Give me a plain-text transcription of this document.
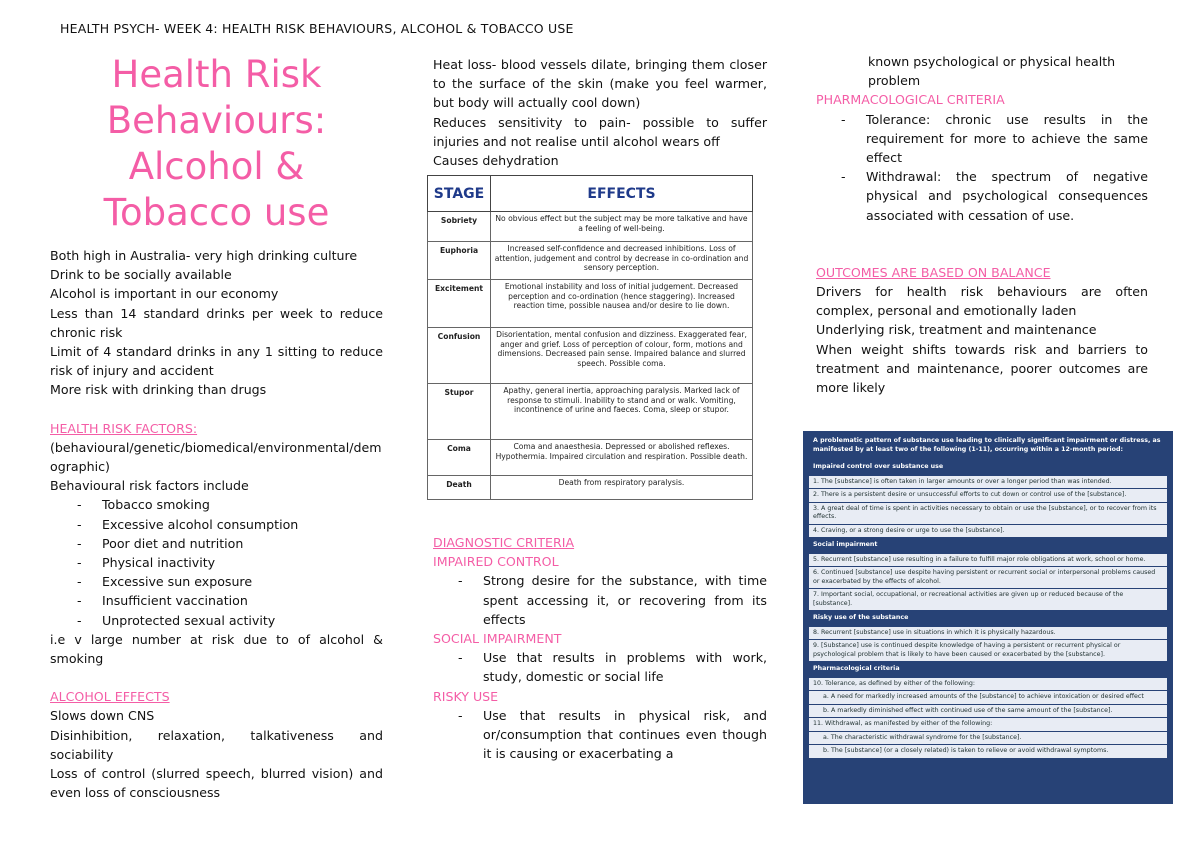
HEALTH PSYCH- WEEK 4: HEALTH RISK BEHAVIOURS, ALCOHOL & TOBACCO USE
Health Risk
Behaviours:
Alcohol &
Tobacco use

Both high in Australia- very high drinking culture

Drink to be socially available

Alcohol is important in our economy

Less than 14 standard drinks per week to reduce chronic risk

Limit of 4 standard drinks in any 1 sitting to reduce risk of injury and accident

More risk with drinking than drugs

HEALTH RISK FACTORS:

(behavioural/genetic/biomedical/environmental/demographic)

Behavioural risk factors include

- Tobacco smoking
- Excessive alcohol consumption
- Poor diet and nutrition
- Physical inactivity
- Excessive sun exposure
- Insufficient vaccination
- Unprotected sexual activity

i.e v large number at risk due to of alcohol & smoking

ALCOHOL EFFECTS

Slows down CNS

Disinhibition, relaxation, talkativeness and sociability

Loss of control (slurred speech, blurred vision) and even loss of consciousness

Heat loss- blood vessels dilate, bringing them closer to the surface of the skin (make you feel warmer, but body will actually cool down)

Reduces sensitivity to pain- possible to suffer injuries and not realise until alcohol wears off

Causes dehydration

STAGE	EFFECTS
Sobriety	No obvious effect but the subject may be more talkative and have a feeling of well-being.
Euphoria	Increased self-confidence and decreased inhibitions. Loss of attention, judgement and control by decrease in co-ordination and sensory perception.
Excitement	Emotional instability and loss of initial judgement. Decreased perception and co-ordination (hence staggering). Increased reaction time, possible nausea and/or desire to lie down.
Confusion	Disorientation, mental confusion and dizziness. Exaggerated fear, anger and grief. Loss of perception of colour, form, motions and dimensions. Decreased pain sense. Impaired balance and slurred speech. Possible coma.
Stupor	Apathy, general inertia, approaching paralysis. Marked lack of response to stimuli. Inability to stand and or walk. Vomiting, incontinence of urine and faeces. Coma, sleep or stupor.
Coma	Coma and anaesthesia. Depressed or abolished reflexes. Hypothermia. Impaired circulation and respiration. Possible death.
Death	Death from respiratory paralysis.

DIAGNOSTIC CRITERIA

IMPAIRED CONTROL

- Strong desire for the substance, with time spent accessing it, or recovering from its effects

SOCIAL IMPAIRMENT

- Use that results in problems with work, study, domestic or social life

RISKY USE

- Use that results in physical risk, and or/consumption that continues even though it is causing or exacerbating a

known psychological or physical health problem

PHARMACOLOGICAL CRITERIA

- Tolerance: chronic use results in the requirement for more to achieve the same effect
- Withdrawal: the spectrum of negative physical and psychological consequences associated with cessation of use.

OUTCOMES ARE BASED ON BALANCE

Drivers for health risk behaviours are often complex, personal and emotionally laden

Underlying risk, treatment and maintenance

When weight shifts towards risk and barriers to treatment and maintenance, poorer outcomes are more likely

A problematic pattern of substance use leading to clinically significant impairment or distress, as manifested by at least two of the following (1-11), occurring within a 12-month period:
Impaired control over substance use
1. The [substance] is often taken in larger amounts or over a longer period than was intended.
2. There is a persistent desire or unsuccessful efforts to cut down or control use of the [substance].
3. A great deal of time is spent in activities necessary to obtain or use the [substance], or to recover from its effects.
4. Craving, or a strong desire or urge to use the [substance].
Social impairment
5. Recurrent [substance] use resulting in a failure to fulfill major role obligations at work, school or home.
6. Continued [substance] use despite having persistent or recurrent social or interpersonal problems caused or exacerbated by the effects of alcohol.
7. Important social, occupational, or recreational activities are given up or reduced because of the [substance].
Risky use of the substance
8. Recurrent [substance] use in situations in which it is physically hazardous.
9. [Substance] use is continued despite knowledge of having a persistent or recurrent physical or psychological problem that is likely to have been caused or exacerbated by the [substance].
Pharmacological criteria
10. Tolerance, as defined by either of the following:
a. A need for markedly increased amounts of the [substance] to achieve intoxication or desired effect
b. A markedly diminished effect with continued use of the same amount of the [substance].
11. Withdrawal, as manifested by either of the following:
a. The characteristic withdrawal syndrome for the [substance].
b. The [substance] (or a closely related) is taken to relieve or avoid withdrawal symptoms.
